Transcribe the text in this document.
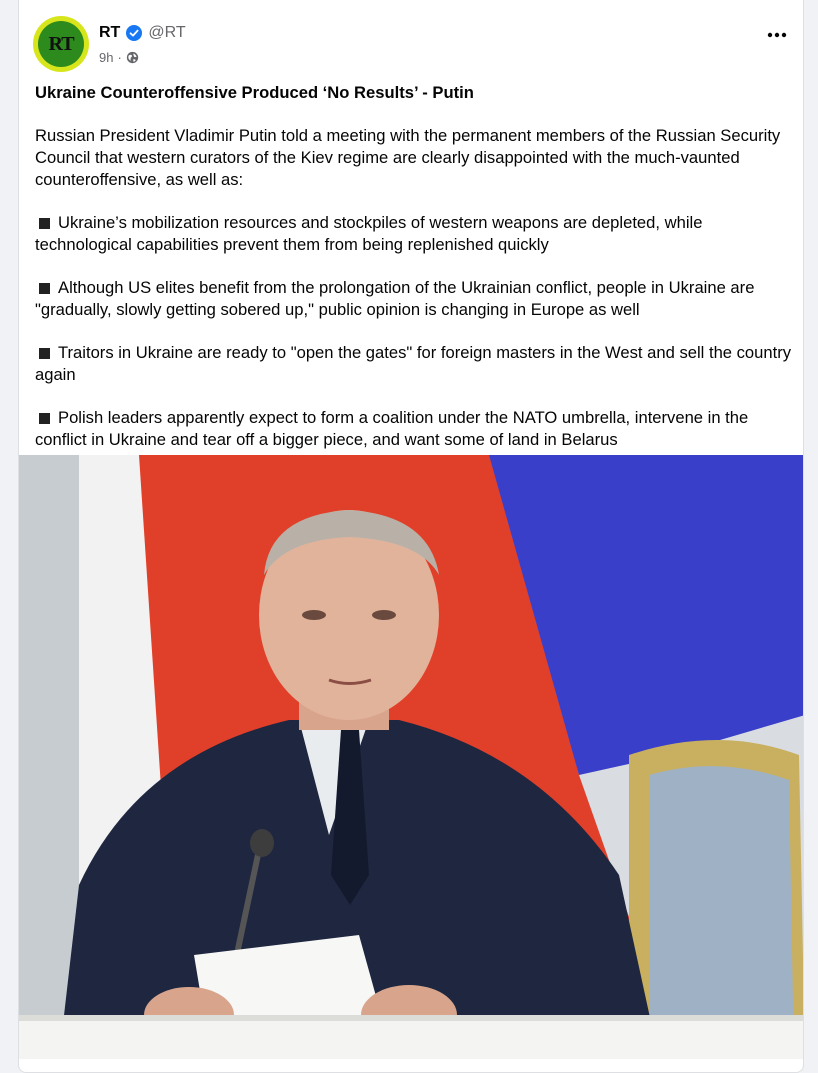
RT	RT @RT
9h ·

Ukraine Counteroffensive Produced ‘No Results’ - Putin

Russian President Vladimir Putin told a meeting with the permanent members of the Russian Security Council that western curators of the Kiev regime are clearly disappointed with the much-vaunted counteroffensive, as well as:

Ukraine’s mobilization resources and stockpiles of western weapons are depleted, while technological capabilities prevent them from being replenished quickly

Although US elites benefit from the prolongation of the Ukrainian conflict, people in Ukraine are "gradually, slowly getting sobered up," public opinion is changing in Europe as well

Traitors in Ukraine are ready to "open the gates" for foreign masters in the West and sell the country again

Polish leaders apparently expect to form a coalition under the NATO umbrella, intervene in the conflict in Ukraine and tear off a bigger piece, and want some of land in Belarus
